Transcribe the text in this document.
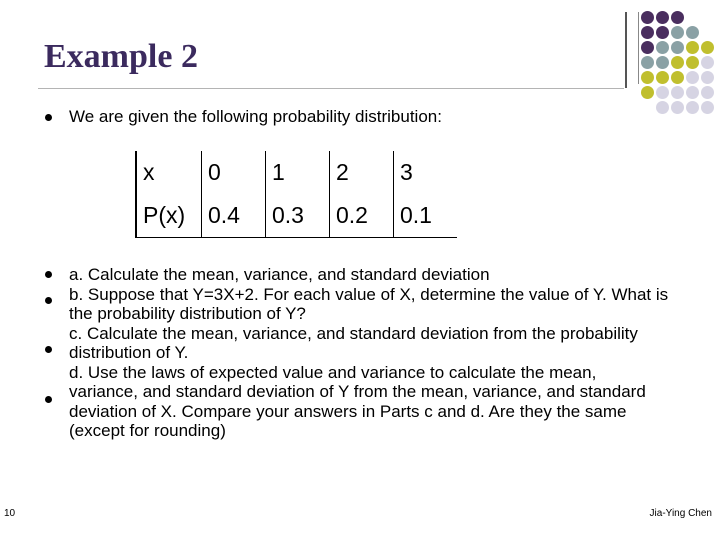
Example 2
We are given the following probability distribution:
x	0	1	2	3
P(x)	0.4	0.3	0.2	0.1

a. Calculate the mean, variance, and standard deviation

b. Suppose that Y=3X+2. For each value of X, determine the value of Y. What is the probability distribution of Y?

c. Calculate the mean, variance, and standard deviation from the probability distribution of Y.

d. Use the laws of expected value and variance to calculate the mean, variance, and standard deviation of Y from the mean, variance, and standard deviation of X. Compare your answers in Parts c and d. Are they the same (except for rounding)

10	Jia-Ying Chen
